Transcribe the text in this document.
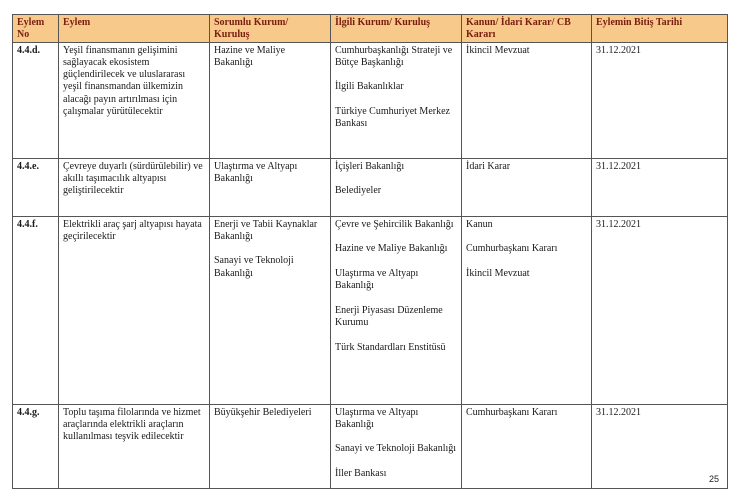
Eylem No	Eylem	Sorumlu Kurum/ Kuruluş	İlgili Kurum/ Kuruluş	Kanun/ İdari Karar/ CB Kararı	Eylemin Bitiş Tarihi
4.4.d.	Yeşil finansmanın gelişimini sağlayacak ekosistem güçlendirilecek ve uluslararası yeşil finansmandan ülkemizin alacağı payın artırılması için çalışmalar yürütülecektir	Hazine ve Maliye Bakanlığı	Cumhurbaşkanlığı Strateji ve Bütçe Başkanlığı
İlgili Bakanlıklar
Türkiye Cumhuriyet Merkez Bankası	İkincil Mevzuat	31.12.2021
4.4.e.	Çevreye duyarlı (sürdürülebilir) ve akıllı taşımacılık altyapısı geliştirilecektir	Ulaştırma ve Altyapı Bakanlığı	İçişleri Bakanlığı
Belediyeler	İdari Karar	31.12.2021
4.4.f.	Elektrikli araç şarj altyapısı hayata geçirilecektir	Enerji ve Tabii Kaynaklar Bakanlığı
Sanayi ve Teknoloji Bakanlığı	Çevre ve Şehircilik Bakanlığı
Hazine ve Maliye Bakanlığı
Ulaştırma ve Altyapı Bakanlığı
Enerji Piyasası Düzenleme Kurumu
Türk Standardları Enstitüsü	Kanun
Cumhurbaşkanı Kararı
İkincil Mevzuat	31.12.2021
4.4.g.	Toplu taşıma filolarında ve hizmet araçlarında elektrikli araçların kullanılması teşvik edilecektir	Büyükşehir Belediyeleri	Ulaştırma ve Altyapı Bakanlığı
Sanayi ve Teknoloji Bakanlığı
İller Bankası	Cumhurbaşkanı Kararı	31.12.2021
25
